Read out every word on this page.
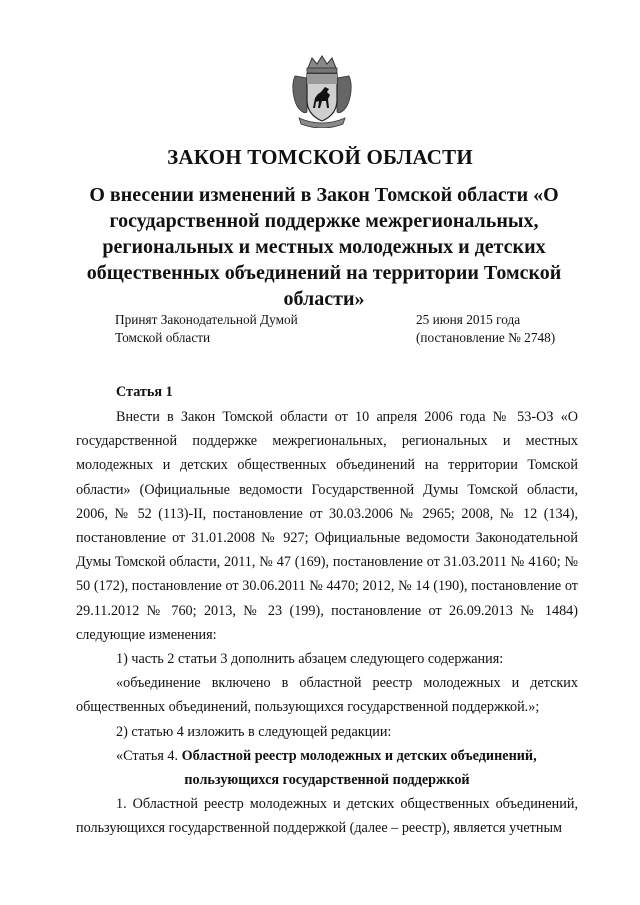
ЗАКОН ТОМСКОЙ ОБЛАСТИ
О внесении изменений в Закон Томской области «О государственной поддержке межрегиональных, региональных и местных молодежных и детских общественных объединений на территории Томской области»
Принят Законодательной Думой
Томской области
25 июня 2015 года
(постановление № 2748)
Статья 1

Внести в Закон Томской области от 10 апреля 2006 года № 53-ОЗ «О государственной поддержке межрегиональных, региональных и местных молодежных и детских общественных объединений на территории Томской области» (Официальные ведомости Государственной Думы Томской области, 2006, № 52 (113)-II, постановление от 30.03.2006 № 2965; 2008, № 12 (134), постановление от 31.01.2008 № 927; Официальные ведомости Законодательной Думы Томской области, 2011, № 47 (169), постановление от 31.03.2011 № 4160; № 50 (172), постановление от 30.06.2011 № 4470; 2012, № 14 (190), постановление от 29.11.2012 № 760; 2013, № 23 (199), постановление от 26.09.2013 № 1484) следующие изменения:

1) часть 2 статьи 3 дополнить абзацем следующего содержания:

«объединение включено в областной реестр молодежных и детских общественных объединений, пользующихся государственной поддержкой.»;

2) статью 4 изложить в следующей редакции:

«Статья 4. Областной реестр молодежных и детских объединений,

пользующихся государственной поддержкой

1. Областной реестр молодежных и детских общественных объединений, пользующихся государственной поддержкой (далее – реестр), является учетным
